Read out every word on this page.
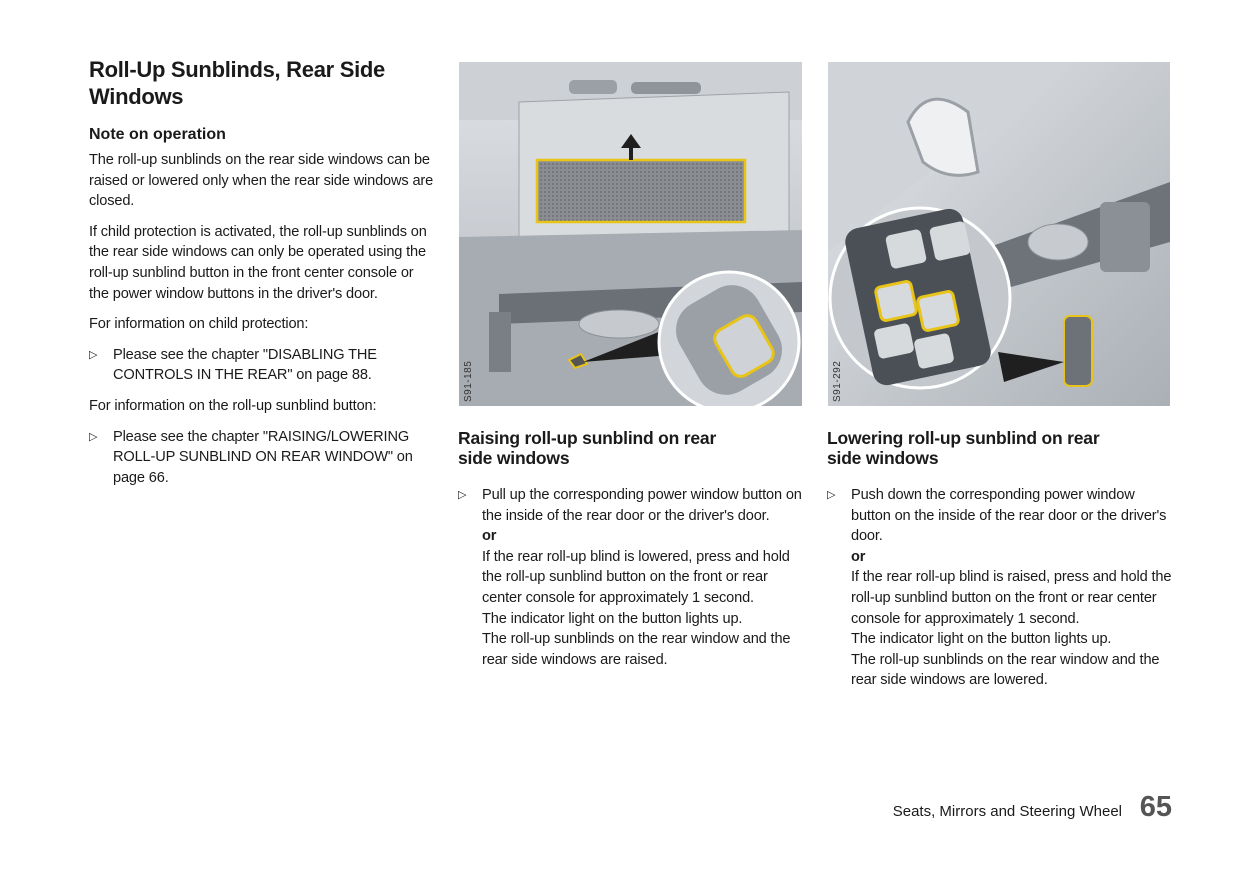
Roll-Up Sunblinds, Rear Side
Windows
Note on operation

The roll-up sunblinds on the rear side windows can be raised or lowered only when the rear side windows are closed.

If child protection is activated, the roll-up sunblinds on the rear side windows can only be operated using the roll-up sunblind button in the front center console or the power window buttons in the driver's door.

For information on child protection:

▷ Please see the chapter "DISABLING THE CONTROLS IN THE REAR" on page 88.

For information on the roll-up sunblind button:

▷ Please see the chapter "RAISING/LOWERING ROLL-UP SUNBLIND ON REAR WINDOW" on page 66.
S91-185	S91-292
Raising roll-up sunblind on rear
side windows
▷ Pull up the corresponding power window button on the inside of the rear door or the driver's door.
or
If the rear roll-up blind is lowered, press and hold the roll-up sunblind button on the front or rear center console for approximately 1 second.
The indicator light on the button lights up.
The roll-up sunblinds on the rear window and the rear side windows are raised.
Lowering roll-up sunblind on rear
side windows
▷ Push down the corresponding power window button on the inside of the rear door or the driver's door.
or
If the rear roll-up blind is raised, press and hold the roll-up sunblind button on the front or rear center console for approximately 1 second.
The indicator light on the button lights up.
The roll-up sunblinds on the rear window and the rear side windows are lowered.
Seats, Mirrors and Steering Wheel 65
